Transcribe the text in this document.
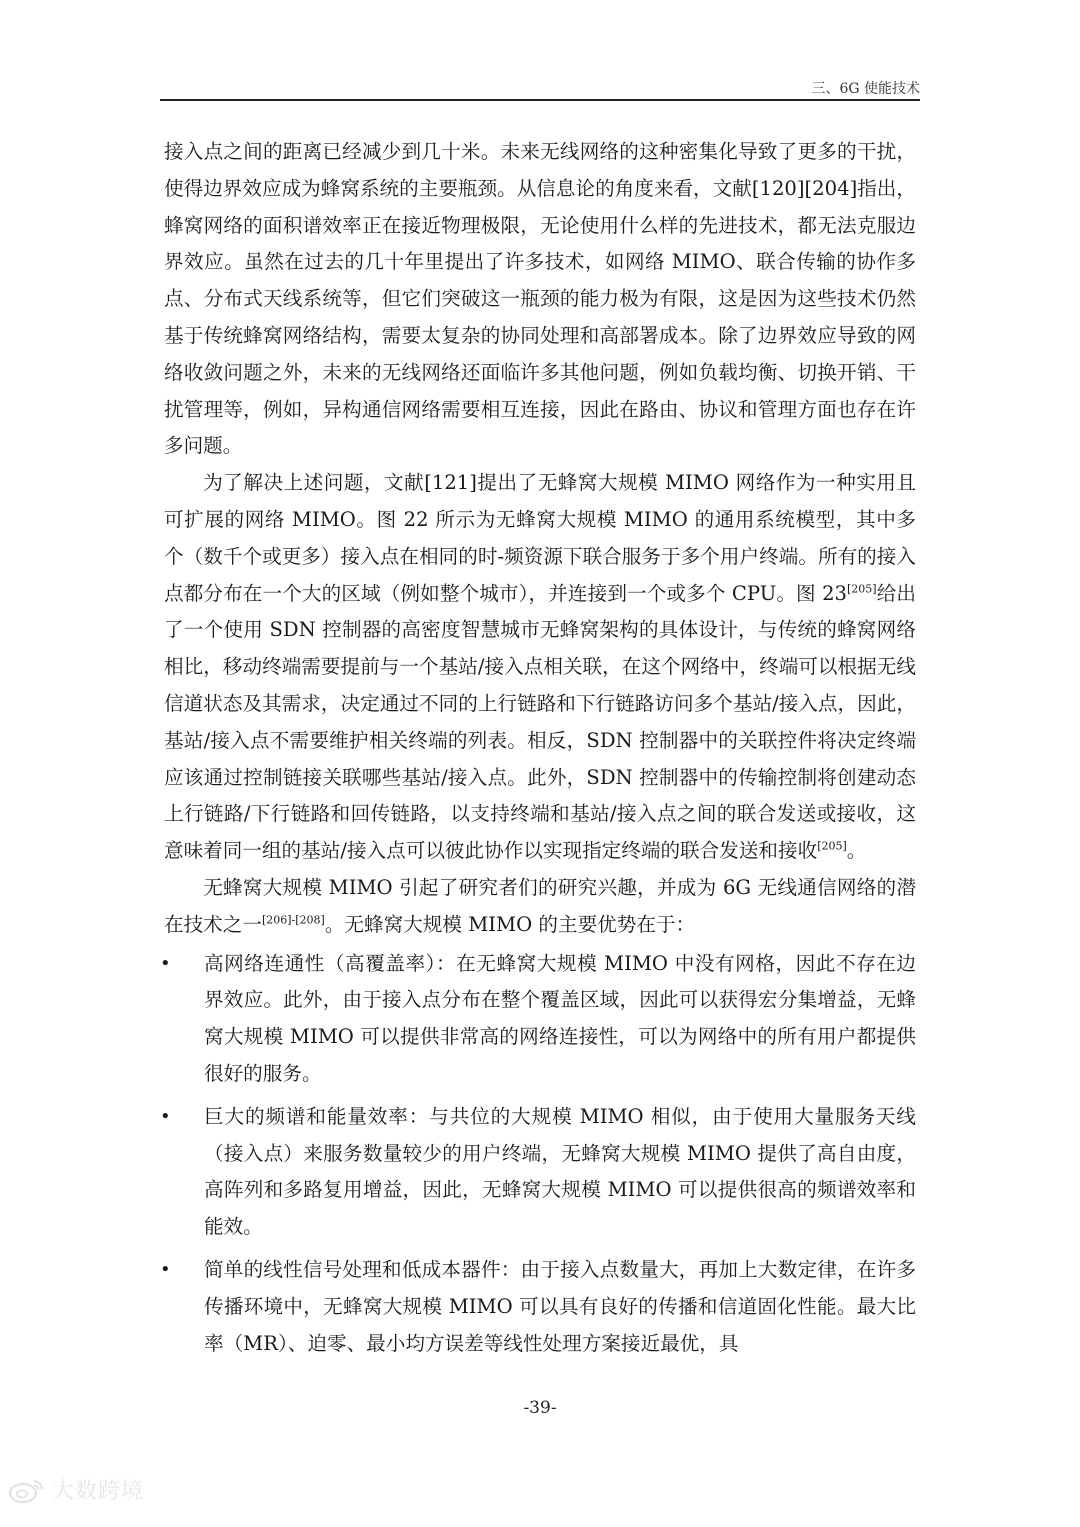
三、6G 使能技术

接入点之间的距离已经减少到几十米。未来无线网络的这种密集化导致了更多的干扰，使得边界效应成为蜂窝系统的主要瓶颈。从信息论的角度来看，文献[120][204]指出，蜂窝网络的面积谱效率正在接近物理极限，无论使用什么样的先进技术，都无法克服边界效应。虽然在过去的几十年里提出了许多技术，如网络 MIMO、联合传输的协作多点、分布式天线系统等，但它们突破这一瓶颈的能力极为有限，这是因为这些技术仍然基于传统蜂窝网络结构，需要太复杂的协同处理和高部署成本。除了边界效应导致的网络收敛问题之外，未来的无线网络还面临许多其他问题，例如负载均衡、切换开销、干扰管理等，例如，异构通信网络需要相互连接，因此在路由、协议和管理方面也存在许多问题。

为了解决上述问题，文献[121]提出了无蜂窝大规模 MIMO 网络作为一种实用且可扩展的网络 MIMO。图 22 所示为无蜂窝大规模 MIMO 的通用系统模型，其中多个（数千个或更多）接入点在相同的时-频资源下联合服务于多个用户终端。所有的接入点都分布在一个大的区域（例如整个城市），并连接到一个或多个 CPU。图 23[205]给出了一个使用 SDN 控制器的高密度智慧城市无蜂窝架构的具体设计，与传统的蜂窝网络相比，移动终端需要提前与一个基站/接入点相关联，在这个网络中，终端可以根据无线信道状态及其需求，决定通过不同的上行链路和下行链路访问多个基站/接入点，因此，基站/接入点不需要维护相关终端的列表。相反，SDN 控制器中的关联控件将决定终端应该通过控制链接关联哪些基站/接入点。此外，SDN 控制器中的传输控制将创建动态上行链路/下行链路和回传链路，以支持终端和基站/接入点之间的联合发送或接收，这意味着同一组的基站/接入点可以彼此协作以实现指定终端的联合发送和接收[205]。

无蜂窝大规模 MIMO 引起了研究者们的研究兴趣，并成为 6G 无线通信网络的潜在技术之一[206]-[208]。无蜂窝大规模 MIMO 的主要优势在于：

• 高网络连通性（高覆盖率）：在无蜂窝大规模 MIMO 中没有网格，因此不存在边界效应。此外，由于接入点分布在整个覆盖区域，因此可以获得宏分集增益，无蜂窝大规模 MIMO 可以提供非常高的网络连接性，可以为网络中的所有用户都提供很好的服务。
• 巨大的频谱和能量效率：与共位的大规模 MIMO 相似，由于使用大量服务天线（接入点）来服务数量较少的用户终端，无蜂窝大规模 MIMO 提供了高自由度，高阵列和多路复用增益，因此，无蜂窝大规模 MIMO 可以提供很高的频谱效率和能效。
• 简单的线性信号处理和低成本器件：由于接入点数量大，再加上大数定律，在许多传播环境中，无蜂窝大规模 MIMO 可以具有良好的传播和信道固化性能。最大比率（MR）、迫零、最小均方误差等线性处理方案接近最优，具
-39-
大数跨境
